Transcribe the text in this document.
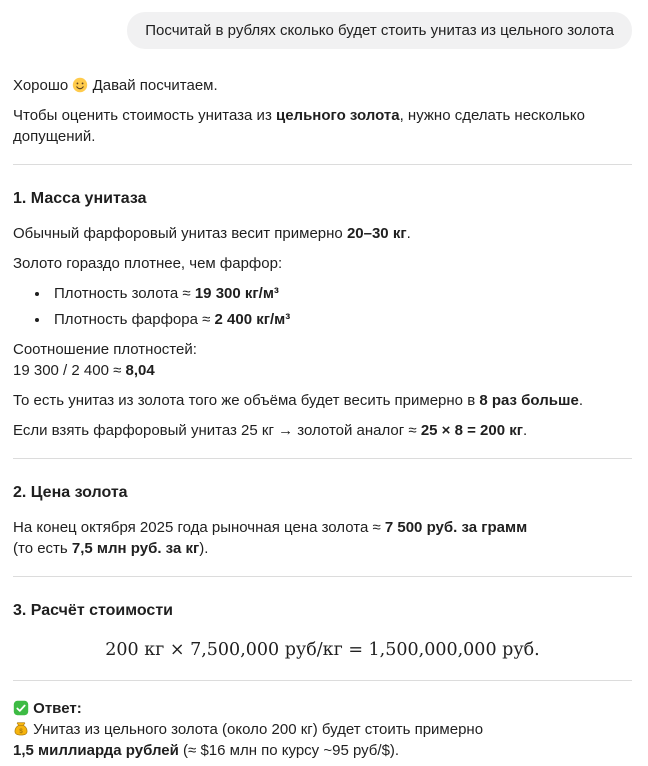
Посчитай в рублях сколько будет стоить унитаз из цельного золота

Хорошо
Давай посчитаем.

Чтобы оценить стоимость унитаза из цельного золота, нужно сделать несколько допущений.

1. Масса унитаза

Обычный фарфоровый унитаз весит примерно 20–30 кг.

Золото гораздо плотнее, чем фарфор:

• Плотность золота ≈ 19 300 кг/м³
• Плотность фарфора ≈ 2 400 кг/м³

Соотношение плотностей:
19 300 / 2 400 ≈ 8,04

То есть унитаз из золота того же объёма будет весить примерно в 8 раз больше.

Если взять фарфоровый унитаз 25 кг → золотой аналог ≈ 25 × 8 = 200 кг.

2. Цена золота

На конец октября 2025 года рыночная цена золота ≈ 7 500 руб. за грамм
(то есть 7,5 млн руб. за кг).

3. Расчёт стоимости
200 кг × 7,500,000 руб/кг = 1,500,000,000 руб.

Ответ:

$ Унитаз из цельного золота (около 200 кг) будет стоить примерно
1,5 миллиарда рублей (≈ $16 млн по курсу ~95 руб/$).
